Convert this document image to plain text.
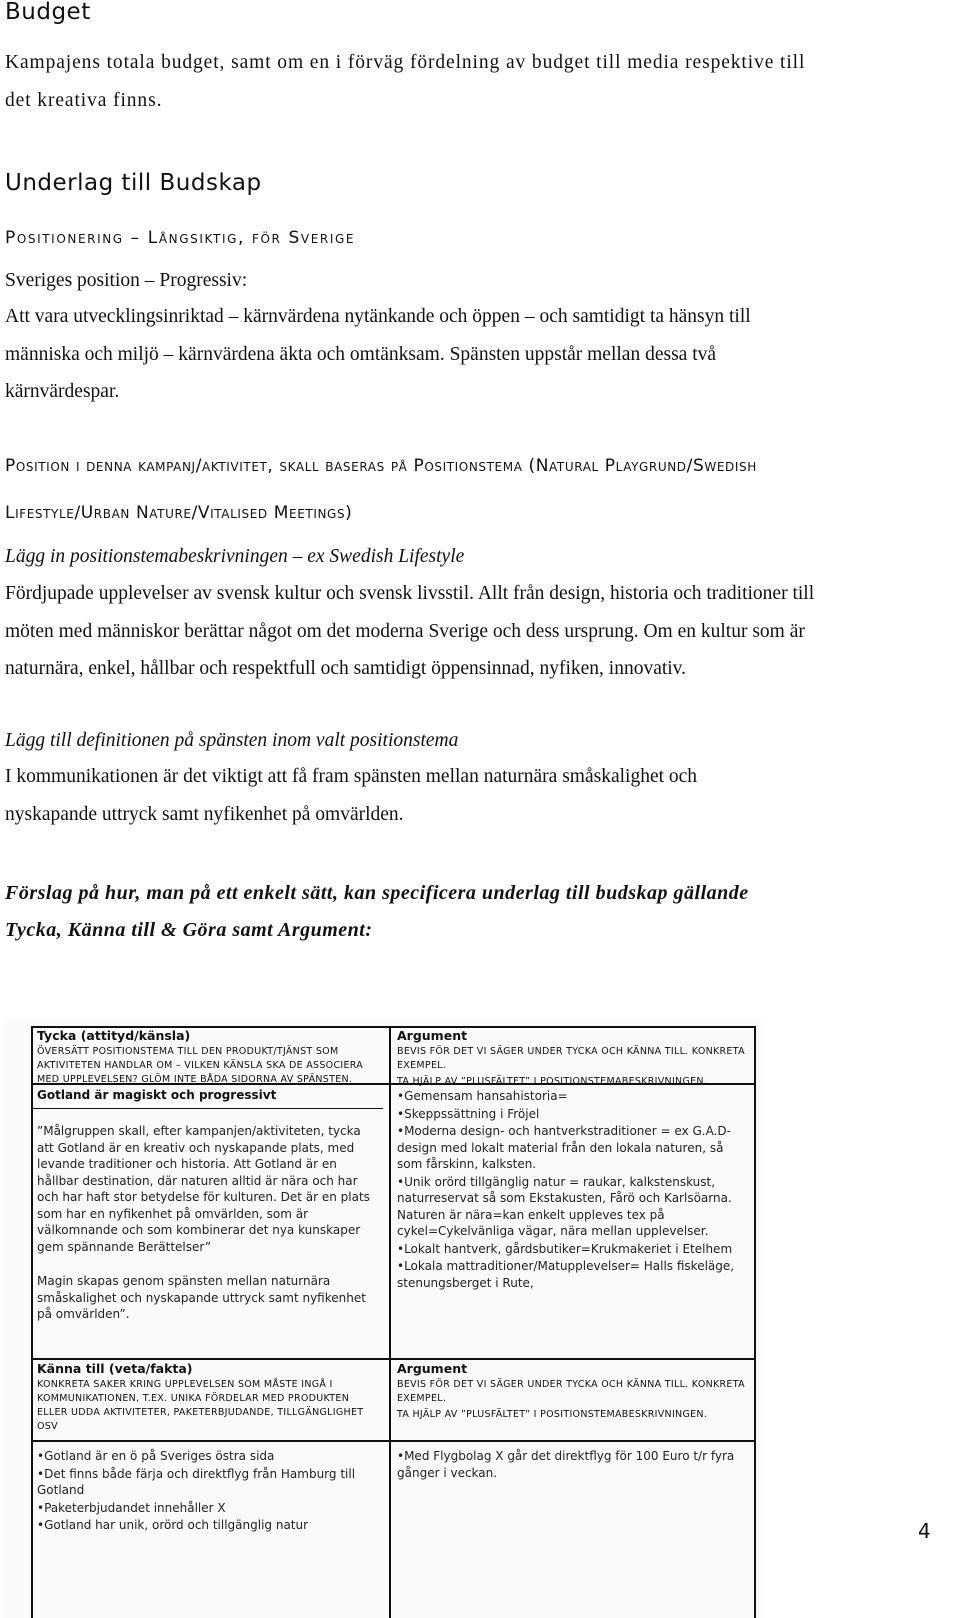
Budget
Kampajens totala budget, samt om en i förväg fördelning av budget till media respektive till
det kreativa finns.
Underlag till Budskap
Positionering – Långsiktig, för Sverige
Sveriges position – Progressiv:
Att vara utvecklingsinriktad – kärnvärdena nytänkande och öppen – och samtidigt ta hänsyn till
människa och miljö – kärnvärdena äkta och omtänksam. Spänsten uppstår mellan dessa två
kärnvärdespar.
Position i denna kampanj/aktivitet, skall baseras på Positionstema (Natural Playgrund/Swedish
Lifestyle/Urban Nature/Vitalised Meetings)
Lägg in positionstemabeskrivningen – ex Swedish Lifestyle
Fördjupade upplevelser av svensk kultur och svensk livsstil. Allt från design, historia och traditioner till
möten med människor berättar något om det moderna Sverige och dess ursprung. Om en kultur som är
naturnära, enkel, hållbar och respektfull och samtidigt öppensinnad, nyfiken, innovativ.
Lägg till definitionen på spänsten inom valt positionstema
I kommunikationen är det viktigt att få fram spänsten mellan naturnära småskalighet och
nyskapande uttryck samt nyfikenhet på omvärlden.
Förslag på hur, man på ett enkelt sätt, kan specificera underlag till budskap gällande
Tycka, Känna till & Göra samt Argument:
Tycka (attityd/känsla)
ÖVERSÄTT POSITIONSTEMA TILL DEN PRODUKT/TJÄNST SOM AKTIVITETEN HANDLAR OM – VILKEN KÄNSLA SKA DE ASSOCIERA MED UPPLEVELSEN? GLÖM INTE BÅDA SIDORNA AV SPÄNSTEN.
Gotland är magiskt och progressivt
”Målgruppen skall, efter kampanjen/aktiviteten, tycka att Gotland är en kreativ och nyskapande plats, med levande traditioner och historia. Att Gotland är en hållbar destination, där naturen alltid är nära och har och har haft stor betydelse för kulturen. Det är en plats som har en nyfikenhet på omvärlden, som är välkomnande och som kombinerar det nya kunskaper gem spännande Berättelser”
Magin skapas genom spänsten mellan naturnära småskalighet och nyskapande uttryck samt nyfikenhet på omvärlden”.
Argument
BEVIS FÖR DET VI SÄGER UNDER TYCKA OCH KÄNNA TILL. KONKRETA EXEMPEL.
TA HJÄLP AV ”PLUSFÄLTET” I POSITIONSTEMABESKRIVNINGEN.
• Gemensam hansahistoria=
• Skeppssättning i Fröjel
• Moderna design- och hantverkstraditioner = ex G.A.D- design med lokalt material från den lokala naturen, så som fårskinn, kalksten.
• Unik orörd tillgänglig natur = raukar, kalkstenskust, naturreservat så som Ekstakusten, Fårö och Karlsöarna. Naturen är nära=kan enkelt uppleves tex på cykel=Cykelvänliga vägar, nära mellan upplevelser.
• Lokalt hantverk, gårdsbutiker=Krukmakeriet i Etelhem
• Lokala mattraditioner/Matupplevelser= Halls fiskeläge, stenungsberget i Rute,
Känna till (veta/fakta)
KONKRETA SAKER KRING UPPLEVELSEN SOM MÅSTE INGÅ I KOMMUNIKATIONEN, T.EX. UNIKA FÖRDELAR MED PRODUKTEN ELLER UDDA AKTIVITETER, PAKETERBJUDANDE, TILLGÄNGLIGHET OSV
• Gotland är en ö på Sveriges östra sida
• Det finns både färja och direktflyg från Hamburg till Gotland
• Paketerbjudandet innehåller X
• Gotland har unik, orörd och tillgänglig natur
Argument
BEVIS FÖR DET VI SÄGER UNDER TYCKA OCH KÄNNA TILL. KONKRETA EXEMPEL.
TA HJÄLP AV ”PLUSFÄLTET” I POSITIONSTEMABESKRIVNINGEN.
• Med Flygbolag X går det direktflyg för 100 Euro t/r fyra gånger i veckan.
4
